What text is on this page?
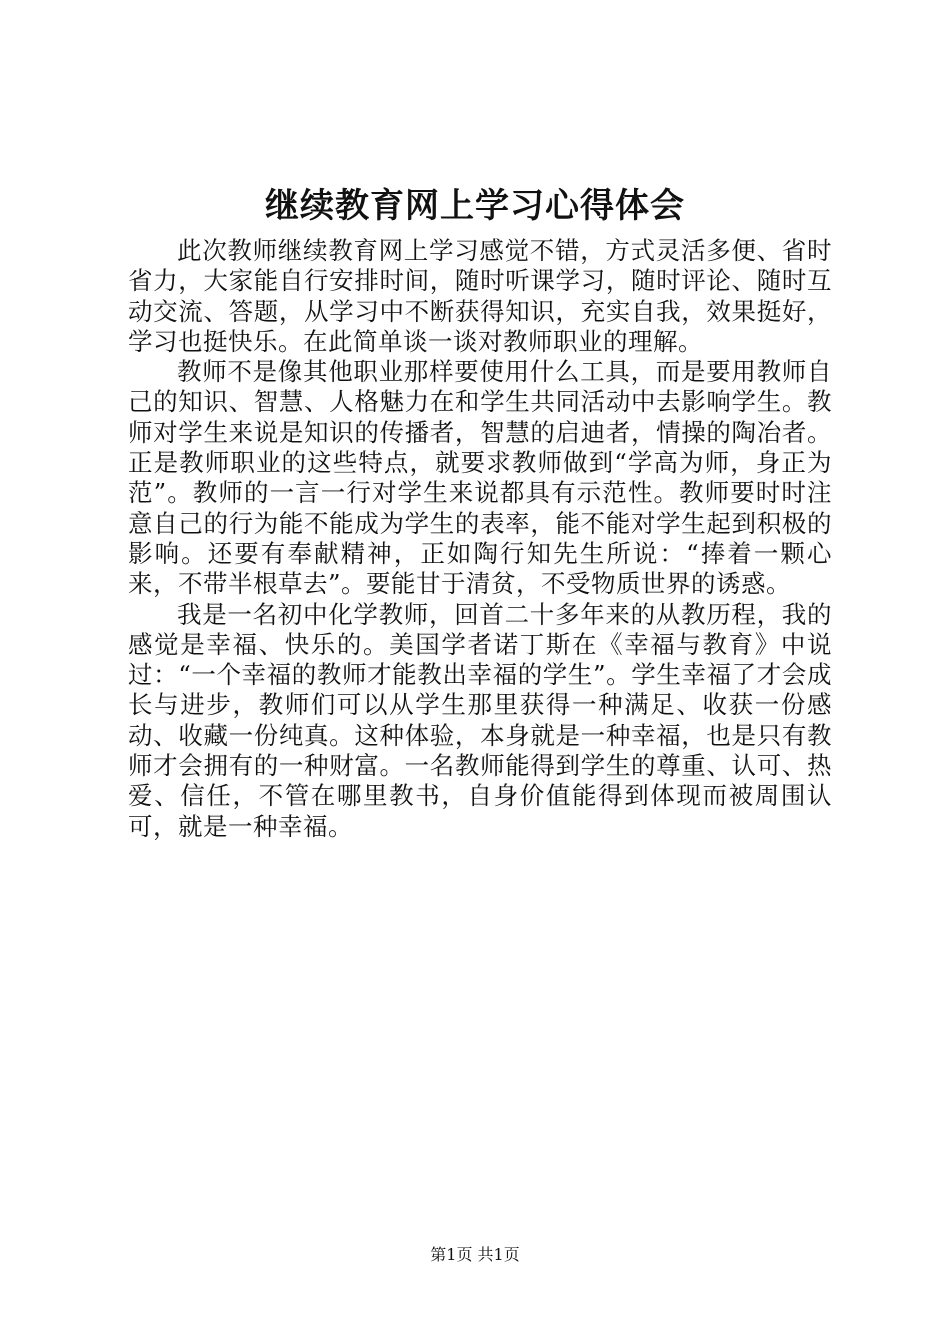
继续教育网上学习心得体会

此次教师继续教育网上学习感觉不错，方式灵活多便、省时省力，大家能自行安排时间，随时听课学习，随时评论、随时互动交流、答题，从学习中不断获得知识，充实自我，效果挺好，学习也挺快乐。在此简单谈一谈对教师职业的理解。

教师不是像其他职业那样要使用什么工具，而是要用教师自己的知识、智慧、人格魅力在和学生共同活动中去影响学生。教师对学生来说是知识的传播者，智慧的启迪者，情操的陶冶者。正是教师职业的这些特点，就要求教师做到“学高为师，身正为范”。教师的一言一行对学生来说都具有示范性。教师要时时注意自己的行为能不能成为学生的表率，能不能对学生起到积极的影响。还要有奉献精神，正如陶行知先生所说：“捧着一颗心来，不带半根草去”。要能甘于清贫，不受物质世界的诱惑。

我是一名初中化学教师，回首二十多年来的从教历程，我的感觉是幸福、快乐的。美国学者诺丁斯在《幸福与教育》中说过：“一个幸福的教师才能教出幸福的学生”。学生幸福了才会成长与进步，教师们可以从学生那里获得一种满足、收获一份感动、收藏一份纯真。这种体验，本身就是一种幸福，也是只有教师才会拥有的一种财富。一名教师能得到学生的尊重、认可、热爱、信任，不管在哪里教书，自身价值能得到体现而被周围认可，就是一种幸福。

第1页 共1页
